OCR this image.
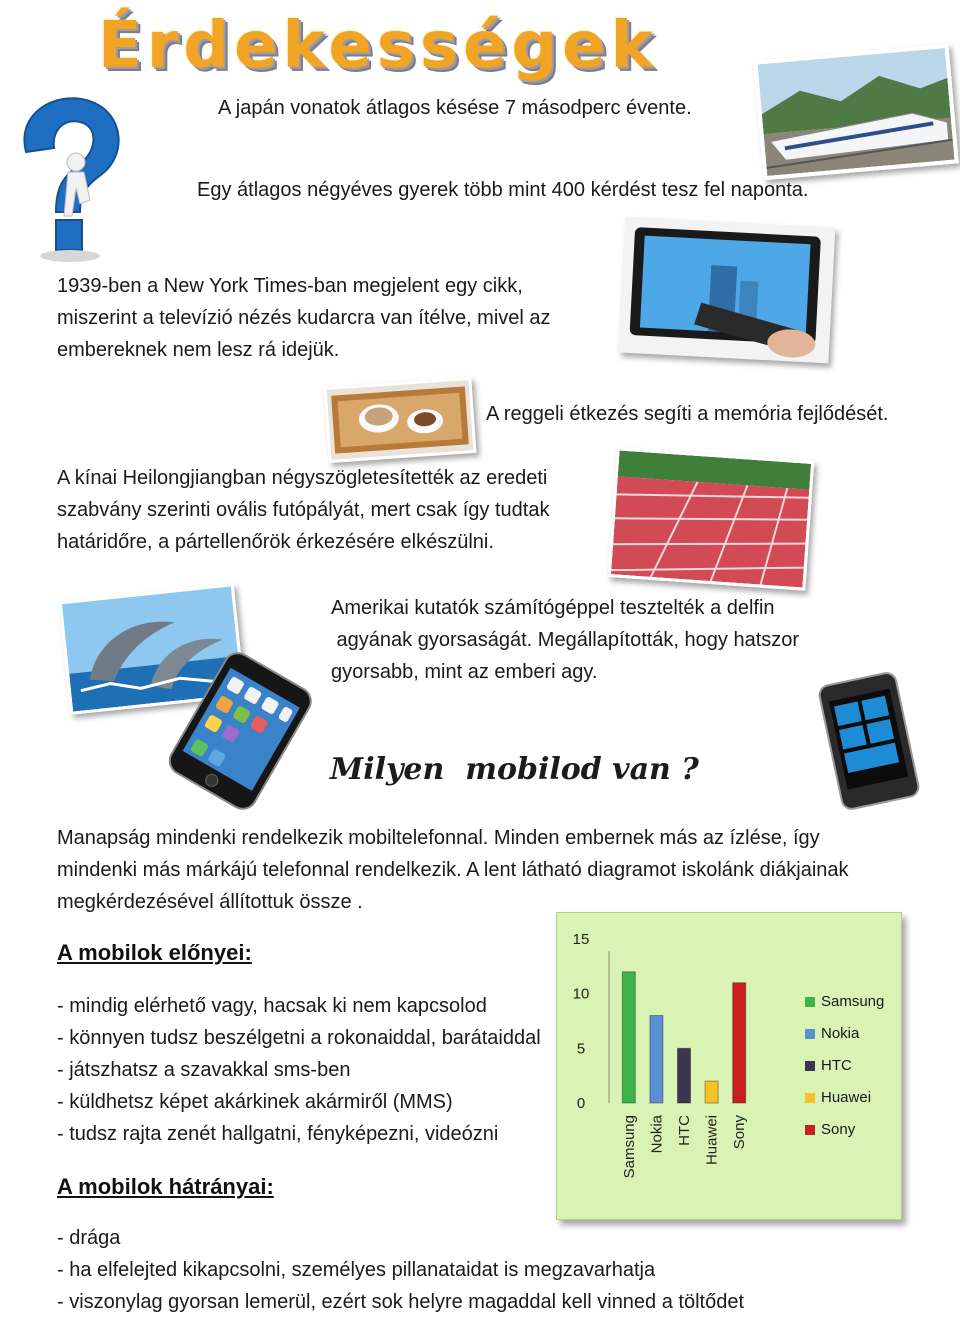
Érdekességek
A japán vonatok átlagos késése 7 másodperc évente.
Egy átlagos négyéves gyerek több mint 400 kérdést tesz fel naponta.
1939-ben a New York Times-ban megjelent egy cikk,
miszerint a televízió nézés kudarcra van ítélve, mivel az
embereknek nem lesz rá idejük.
A reggeli étkezés segíti a memória fejlődését.
A kínai Heilongjiangban négyszögletesítették az eredeti
szabvány szerinti ovális futópályát, mert csak így tudtak
határidőre, a pártellenőrök érkezésére elkészülni.
Amerikai kutatók számítógéppel tesztelték a delfin
agyának gyorsaságát. Megállapították, hogy hatszor
gyorsabb, mint az emberi agy.
Milyen  mobilod van ?
Manapság mindenki rendelkezik mobiltelefonnal. Minden embernek más az ízlése, így
mindenki más márkájú telefonnal rendelkezik. A lent látható diagramot iskolánk diákjainak
megkérdezésével állítottuk össze .
A mobilok előnyei:
- mindig elérhető vagy, hacsak ki nem kapcsolod
- könnyen tudsz beszélgetni a rokonaiddal, barátaiddal
- játszhatsz a szavakkal sms-ben
- küldhetsz képet akárkinek akármiről (MMS)
- tudsz rajta zenét hallgatni, fényképezni, videózni
A mobilok hátrányai:
- drága
- ha elfelejted kikapcsolni, személyes pillanataidat is megzavarhatja
- viszonylag gyorsan lemerül, ezért sok helyre magaddal kell vinned a töltődet
0
5
10
15
Samsung Nokia HTC Huawei Sony
Samsung
Nokia
HTC
Huawei
Sony
